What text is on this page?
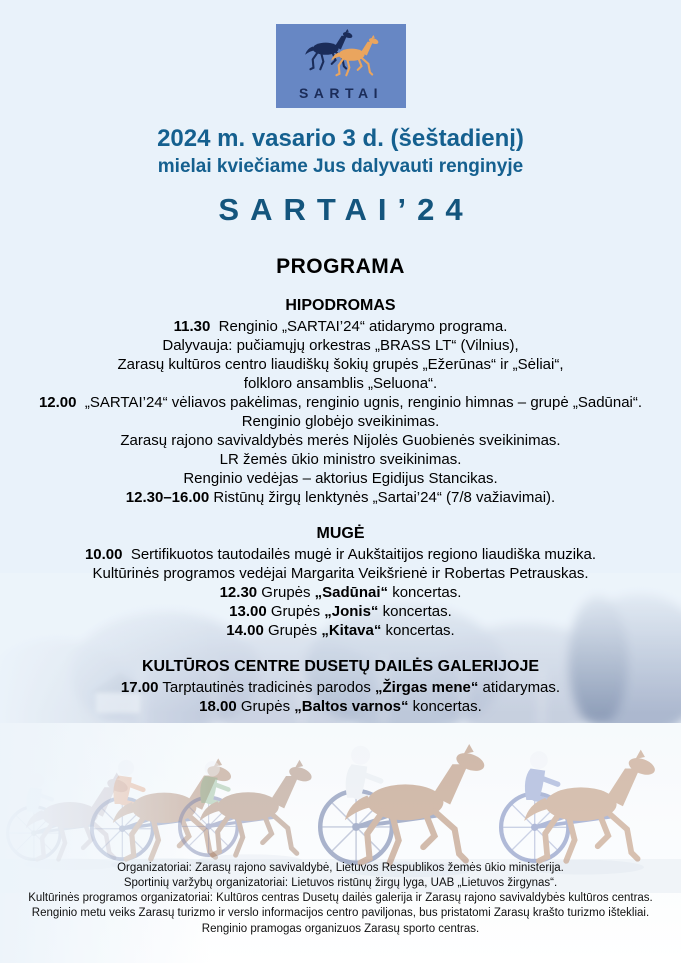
SARTAI
2024 m. vasario 3 d. (šeštadienį)
mielai kviečiame Jus dalyvauti renginyje
SARTAI’24
PROGRAMA
HIPODROMAS
11.30  Renginio „SARTAI’24“ atidarymo programa.
Dalyvauja: pučiamųjų orkestras „BRASS LT“ (Vilnius),
Zarasų kultūros centro liaudiškų šokių grupės „Ežerūnas“ ir „Sėliai“,
folkloro ansamblis „Seluona“.
12.00  „SARTAI’24“ vėliavos pakėlimas, renginio ugnis, renginio himnas – grupė „Sadūnai“.
Renginio globėjo sveikinimas.
Zarasų rajono savivaldybės merės Nijolės Guobienės sveikinimas.
LR žemės ūkio ministro sveikinimas.
Renginio vedėjas – aktorius Egidijus Stancikas.
12.30–16.00 Ristūnų žirgų lenktynės „Sartai’24“ (7/8 važiavimai).
MUGĖ
10.00  Sertifikuotos tautodailės mugė ir Aukštaitijos regiono liaudiška muzika.
Kultūrinės programos vedėjai Margarita Veikšrienė ir Robertas Petrauskas.
12.30 Grupės „Sadūnai“ koncertas.
13.00 Grupės „Jonis“ koncertas.
14.00 Grupės „Kitava“ koncertas.
KULTŪROS CENTRE DUSETŲ DAILĖS GALERIJOJE
17.00 Tarptautinės tradicinės parodos „Žirgas mene“ atidarymas.
18.00 Grupės „Baltos varnos“ koncertas.
Organizatoriai: Zarasų rajono savivaldybė, Lietuvos Respublikos žemės ūkio ministerija.
Sportinių varžybų organizatoriai: Lietuvos ristūnų žirgų lyga, UAB „Lietuvos žirgynas“.
Kultūrinės programos organizatoriai: Kultūros centras Dusetų dailės galerija ir Zarasų rajono savivaldybės kultūros centras.
Renginio metu veiks Zarasų turizmo ir verslo informacijos centro paviljonas, bus pristatomi Zarasų krašto turizmo ištekliai.
Renginio pramogas organizuos Zarasų sporto centras.
